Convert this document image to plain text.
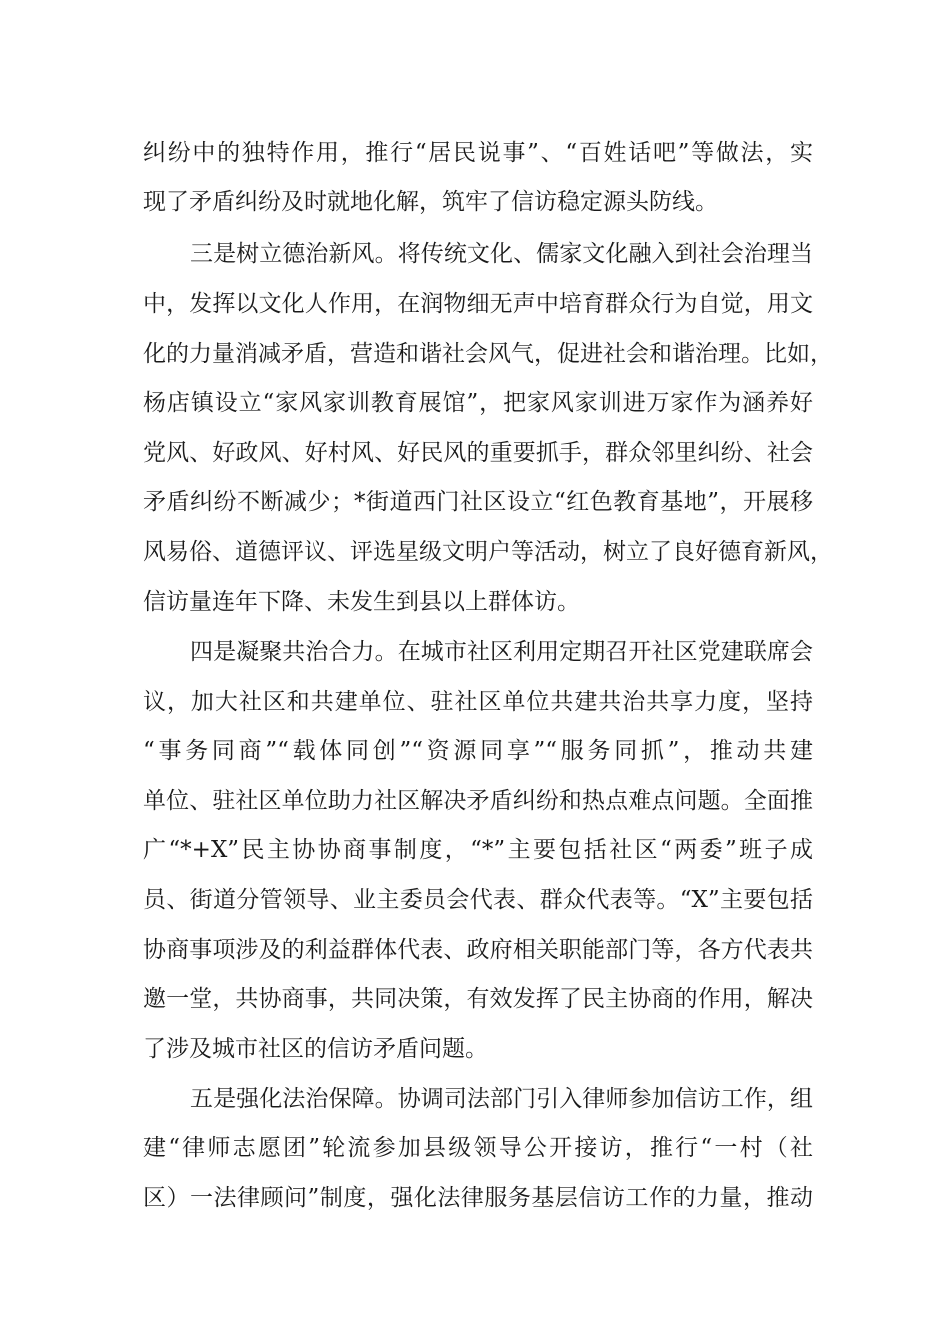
纠纷中的独特作用，推行“居民说事”、“百姓话吧”等做法，实
现了矛盾纠纷及时就地化解，筑牢了信访稳定源头防线。
三是树立德治新风。将传统文化、儒家文化融入到社会治理当
中，发挥以文化人作用，在润物细无声中培育群众行为自觉，用文
化的力量消减矛盾，营造和谐社会风气，促进社会和谐治理。比如，
杨店镇设立“家风家训教育展馆”，把家风家训进万家作为涵养好
党风、好政风、好村风、好民风的重要抓手，群众邻里纠纷、社会
矛盾纠纷不断减少；*街道西门社区设立“红色教育基地”，开展移
风易俗、道德评议、评选星级文明户等活动，树立了良好德育新风，
信访量连年下降、未发生到县以上群体访。
四是凝聚共治合力。在城市社区利用定期召开社区党建联席会
议，加大社区和共建单位、驻社区单位共建共治共享力度，坚持
“事务同商”“载体同创”“资源同享”“服务同抓”，推动共建
单位、驻社区单位助力社区解决矛盾纠纷和热点难点问题。全面推
广“*+X”民主协协商事制度，“*”主要包括社区“两委”班子成
员、街道分管领导、业主委员会代表、群众代表等。“X”主要包括
协商事项涉及的利益群体代表、政府相关职能部门等，各方代表共
邀一堂，共协商事，共同决策，有效发挥了民主协商的作用，解决
了涉及城市社区的信访矛盾问题。
五是强化法治保障。协调司法部门引入律师参加信访工作，组
建“律师志愿团”轮流参加县级领导公开接访，推行“一村（社
区）一法律顾问”制度，强化法律服务基层信访工作的力量，推动
